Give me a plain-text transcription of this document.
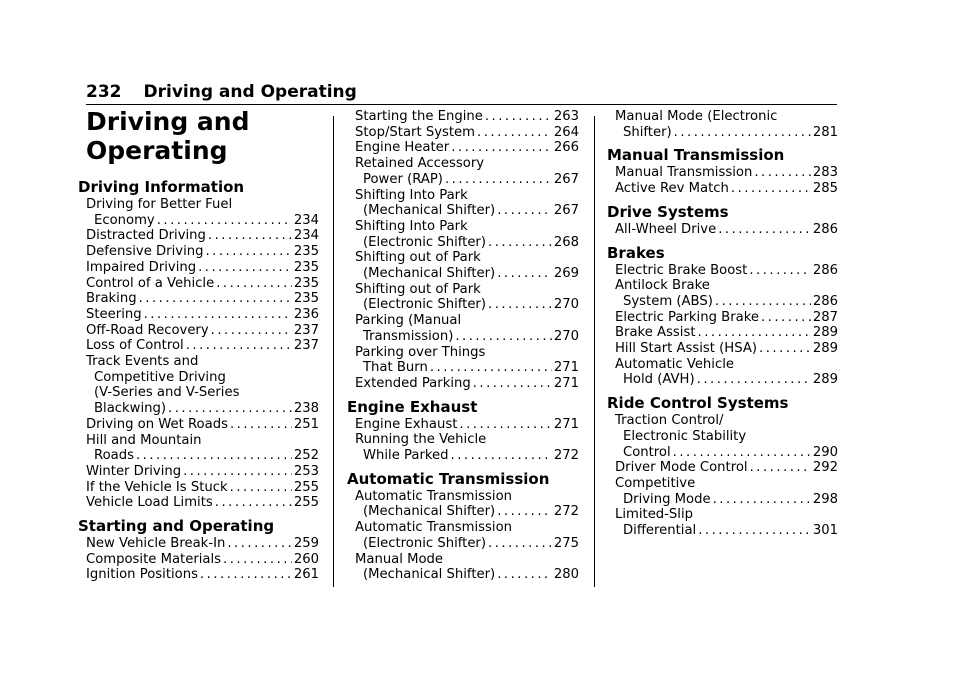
232 Driving and Operating
Driving and Operating
Driving Information
Driving for Better Fuel
Economy .....	234
Distracted Driving .....	234
Defensive Driving .....	235
Impaired Driving .....	235
Control of a Vehicle .....	235
Braking .....	235
Steering .....	236
Off-Road Recovery .....	237
Loss of Control .....	237
Track Events and
Competitive Driving
(V-Series and V-Series
Blackwing) .....	238
Driving on Wet Roads .....	251
Hill and Mountain
Roads .....	252
Winter Driving .....	253
If the Vehicle Is Stuck .....	255
Vehicle Load Limits .....	255
Starting and Operating
New Vehicle Break-In .....	259
Composite Materials .....	260
Ignition Positions .....	261
Starting the Engine .....	263
Stop/Start System .....	264
Engine Heater .....	266
Retained Accessory
Power (RAP) .....	267
Shifting Into Park
(Mechanical Shifter) .....	267
Shifting Into Park
(Electronic Shifter) .....	268
Shifting out of Park
(Mechanical Shifter) .....	269
Shifting out of Park
(Electronic Shifter) .....	270
Parking (Manual
Transmission) .....	270
Parking over Things
That Burn .....	271
Extended Parking .....	271
Engine Exhaust
Engine Exhaust .....	271
Running the Vehicle
While Parked .....	272
Automatic Transmission
Automatic Transmission
(Mechanical Shifter) .....	272
Automatic Transmission
(Electronic Shifter) .....	275
Manual Mode
(Mechanical Shifter) .....	280
Manual Mode (Electronic
Shifter) .....	281
Manual Transmission
Manual Transmission .....	283
Active Rev Match .....	285
Drive Systems
All-Wheel Drive .....	286
Brakes
Electric Brake Boost .....	286
Antilock Brake
System (ABS) .....	286
Electric Parking Brake .....	287
Brake Assist .....	289
Hill Start Assist (HSA) .....	289
Automatic Vehicle
Hold (AVH) .....	289
Ride Control Systems
Traction Control/
Electronic Stability
Control .....	290
Driver Mode Control .....	292
Competitive
Driving Mode .....	298
Limited-Slip
Differential .....	301
